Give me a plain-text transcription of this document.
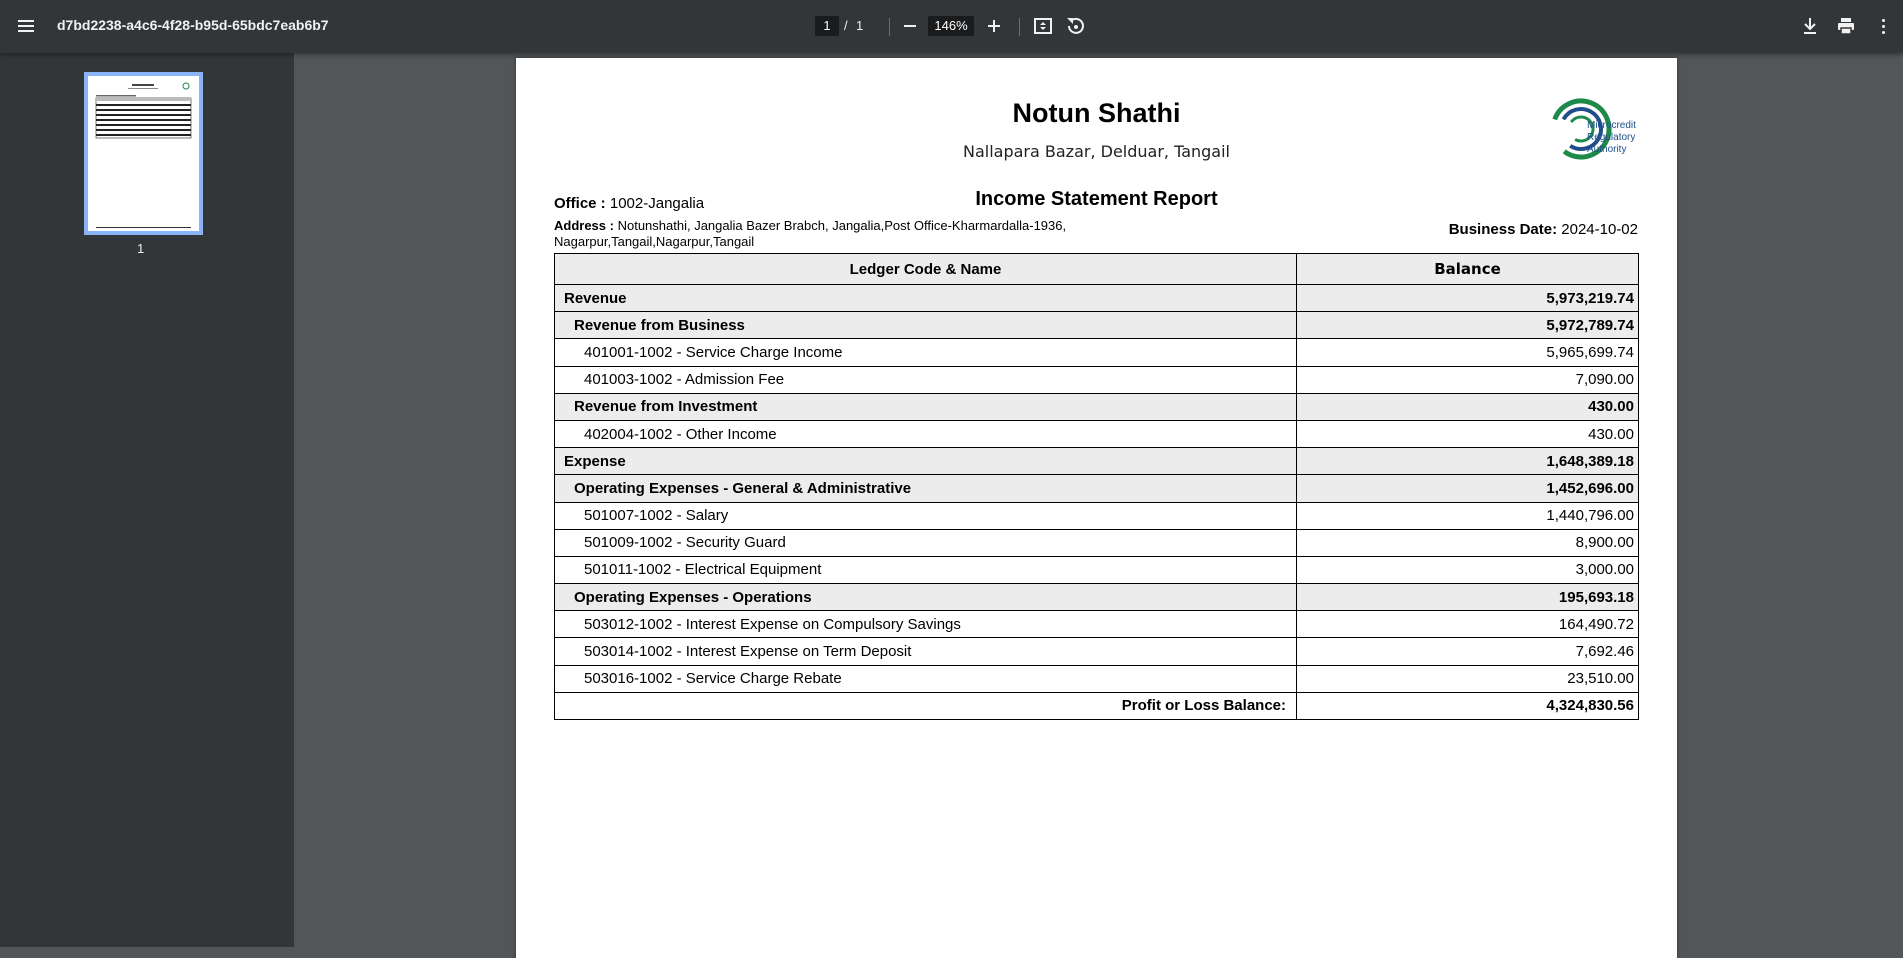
d7bd2238-a4c6-4f28-b95d-65bdc7eab6b7	1	/ 1	146%
1
Notun Shathi
Nallapara Bazar, Delduar, Tangail
Microcredit
Regulatory
Authority
Income Statement Report
Office : 1002-Jangalia
Address : Notunshathi, Jangalia Bazer Brabch, Jangalia,Post Office-Kharmardalla-1936, Nagarpur,Tangail,Nagarpur,Tangail
Business Date: 2024-10-02
Ledger Code & Name	Balance
Revenue	5,973,219.74
Revenue from Business	5,972,789.74
401001-1002 - Service Charge Income	5,965,699.74
401003-1002 - Admission Fee	7,090.00
Revenue from Investment	430.00
402004-1002 - Other Income	430.00
Expense	1,648,389.18
Operating Expenses - General & Administrative	1,452,696.00
501007-1002 - Salary	1,440,796.00
501009-1002 - Security Guard	8,900.00
501011-1002 - Electrical Equipment	3,000.00
Operating Expenses - Operations	195,693.18
503012-1002 - Interest Expense on Compulsory Savings	164,490.72
503014-1002 - Interest Expense on Term Deposit	7,692.46
503016-1002 - Service Charge Rebate	23,510.00
Profit or Loss Balance:	4,324,830.56
